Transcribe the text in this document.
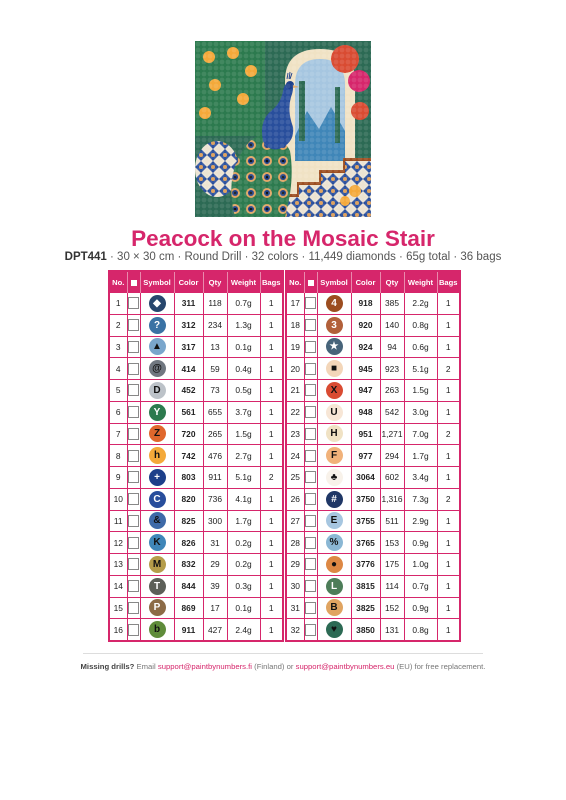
Peacock on the Mosaic Stair
DPT441 · 30 × 30 cm · Round Drill · 32 colors · 11,449 diamonds · 65g total · 36 bags
No.		Symbol	Color	Qty	Weight	Bags
1		◆	311	118	0.7g	1
2		?	312	234	1.3g	1
3		▲	317	13	0.1g	1
4		@	414	59	0.4g	1
5		D	452	73	0.5g	1
6		Y	561	655	3.7g	1
7		Z	720	265	1.5g	1
8		h	742	476	2.7g	1
9		+	803	911	5.1g	2
10		C	820	736	4.1g	1
11		&	825	300	1.7g	1
12		K	826	31	0.2g	1
13		M	832	29	0.2g	1
14		T	844	39	0.3g	1
15		P	869	17	0.1g	1
16		b	911	427	2.4g	1
No.		Symbol	Color	Qty	Weight	Bags
17		4	918	385	2.2g	1
18		3	920	140	0.8g	1
19		★	924	94	0.6g	1
20		■	945	923	5.1g	2
21		X	947	263	1.5g	1
22		U	948	542	3.0g	1
23		H	951	1,271	7.0g	2
24		F	977	294	1.7g	1
25		♣	3064	602	3.4g	1
26		#	3750	1,316	7.3g	2
27		E	3755	511	2.9g	1
28		%	3765	153	0.9g	1
29		●	3776	175	1.0g	1
30		L	3815	114	0.7g	1
31		B	3825	152	0.9g	1
32		♥	3850	131	0.8g	1
Missing drills? Email support@paintbynumbers.fi (Finland) or support@paintbynumbers.eu (EU) for free replacement.
